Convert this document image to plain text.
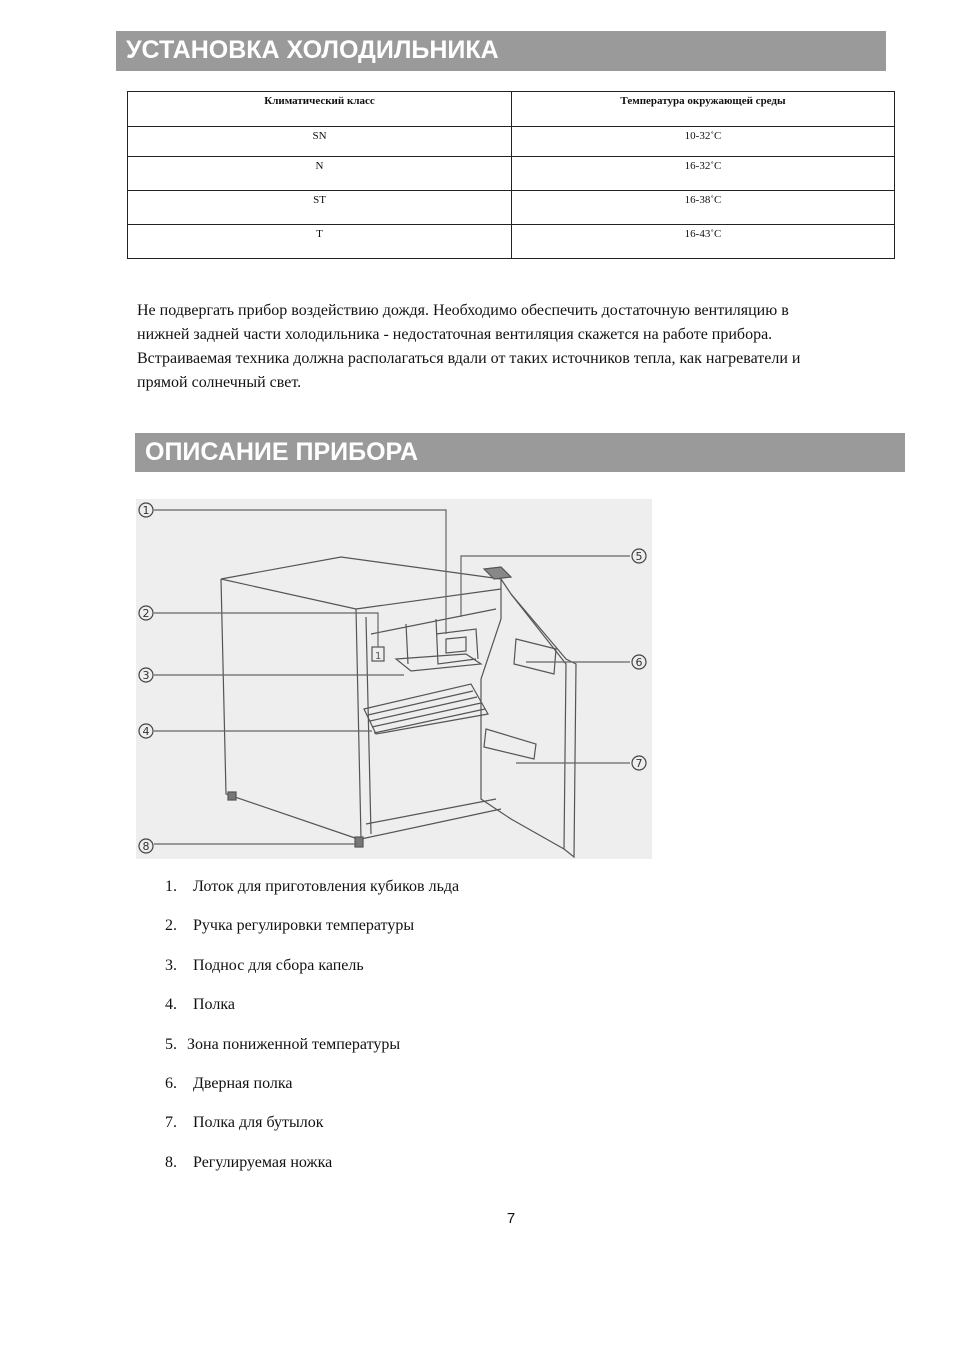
УСТАНОВКА ХОЛОДИЛЬНИКА
Климатический класс	Температура окружающей среды
SN	10-32˚C
N	16-32˚C
ST	16-38˚C
T	16-43˚C
Не подвергать прибор воздействию дождя. Необходимо обеспечить достаточную вентиляцию в
нижней задней части холодильника - недостаточная вентиляция скажется на работе прибора.
Встраиваемая техника должна располагаться вдали от таких источников тепла, как нагреватели и
прямой солнечный свет.
ОПИСАНИЕ ПРИБОРА
1
1
2
3
4
5
6
7
8
1. Лоток для приготовления кубиков льда
2. Ручка регулировки температуры
3. Поднос для сбора капель
4. Полка
5. Зона пониженной температуры
6. Дверная полка
7. Полка для бутылок
8. Регулируемая ножка
7
